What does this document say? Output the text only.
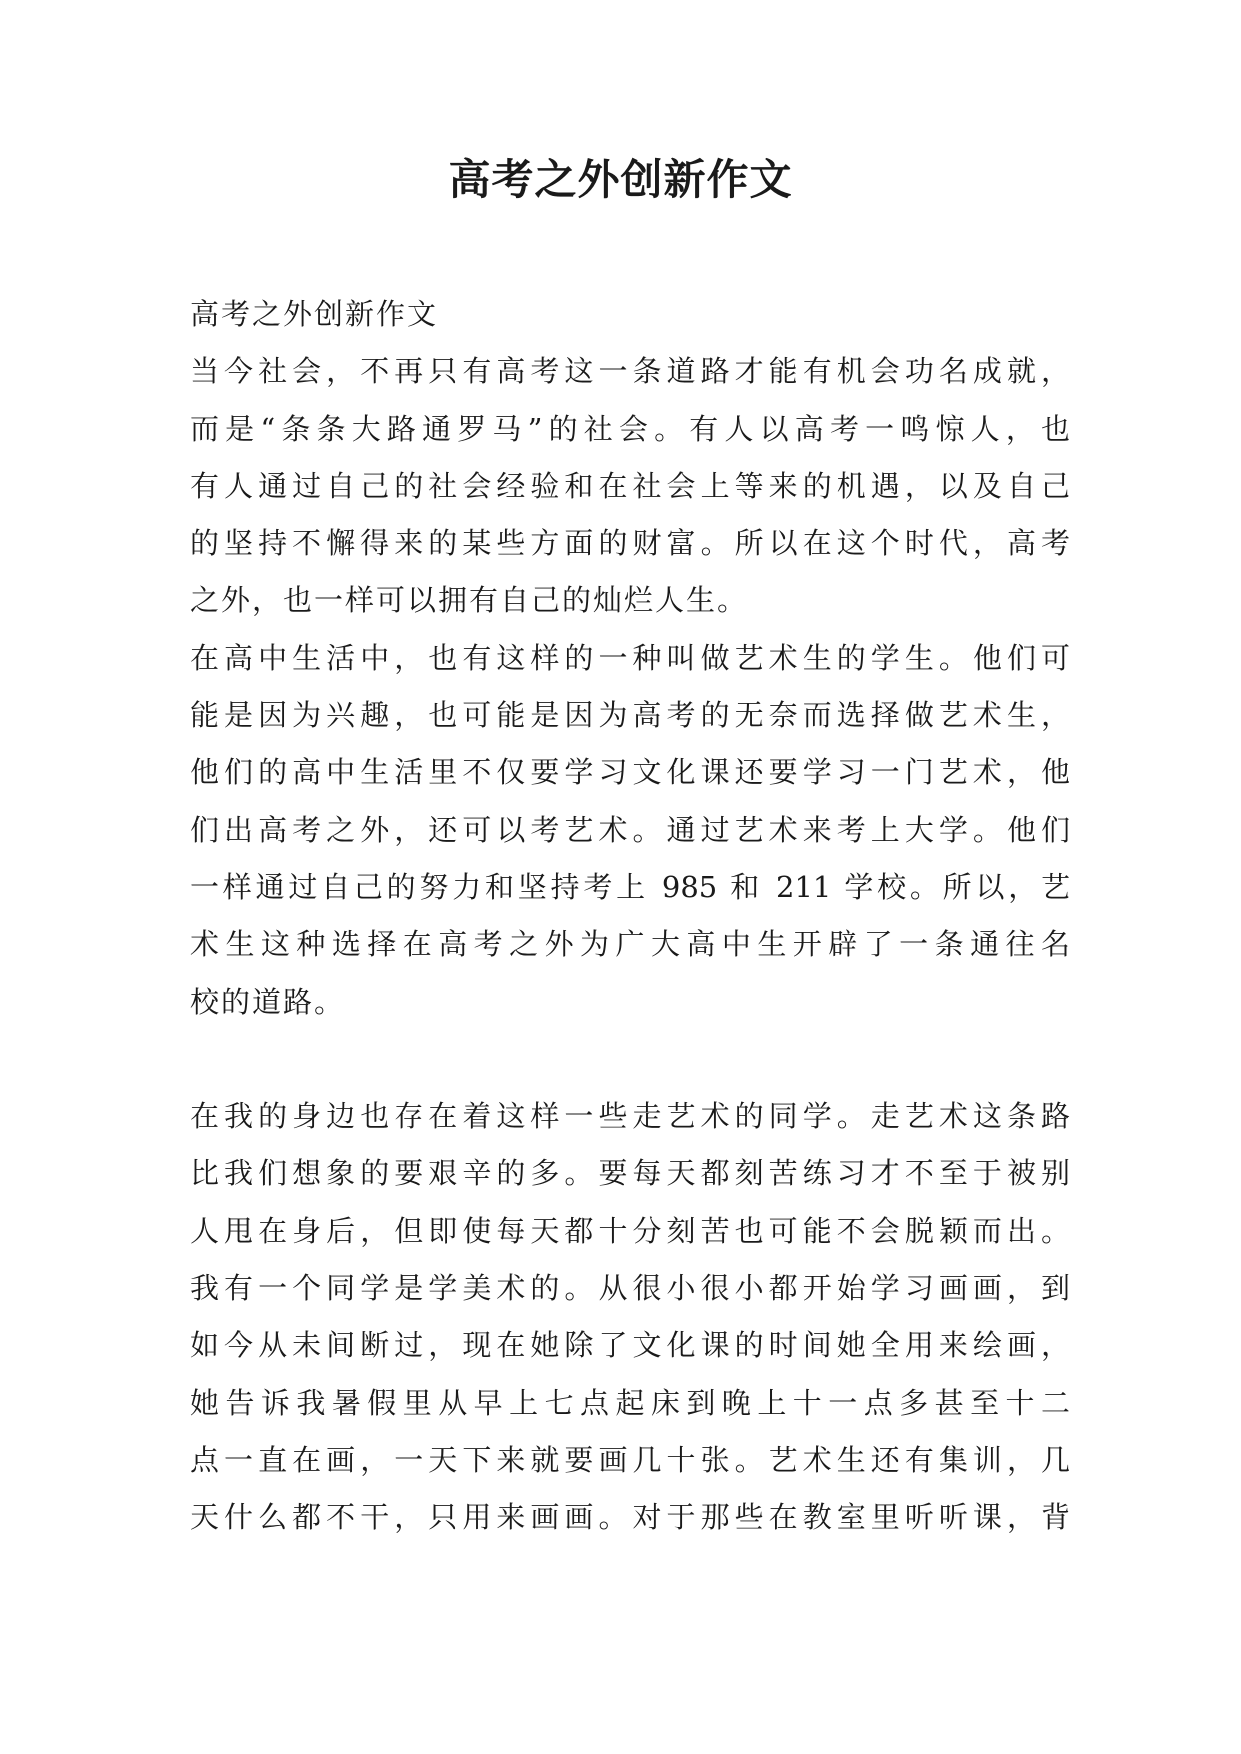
高考之外创新作文
高考之外创新作文
当今社会，不再只有高考这一条道路才能有机会功名成就，
而是“条条大路通罗马”的社会。有人以高考一鸣惊人，也
有人通过自己的社会经验和在社会上等来的机遇，以及自己
的坚持不懈得来的某些方面的财富。所以在这个时代，高考
之外，也一样可以拥有自己的灿烂人生。
在高中生活中，也有这样的一种叫做艺术生的学生。他们可
能是因为兴趣，也可能是因为高考的无奈而选择做艺术生，
他们的高中生活里不仅要学习文化课还要学习一门艺术，他
们出高考之外，还可以考艺术。通过艺术来考上大学。他们
一样通过自己的努力和坚持考上 985 和 211 学校。所以，艺
术生这种选择在高考之外为广大高中生开辟了一条通往名
校的道路。
在我的身边也存在着这样一些走艺术的同学。走艺术这条路
比我们想象的要艰辛的多。要每天都刻苦练习才不至于被别
人甩在身后，但即使每天都十分刻苦也可能不会脱颖而出。
我有一个同学是学美术的。从很小很小都开始学习画画，到
如今从未间断过，现在她除了文化课的时间她全用来绘画，
她告诉我暑假里从早上七点起床到晚上十一点多甚至十二
点一直在画，一天下来就要画几十张。艺术生还有集训，几
天什么都不干，只用来画画。对于那些在教室里听听课，背
